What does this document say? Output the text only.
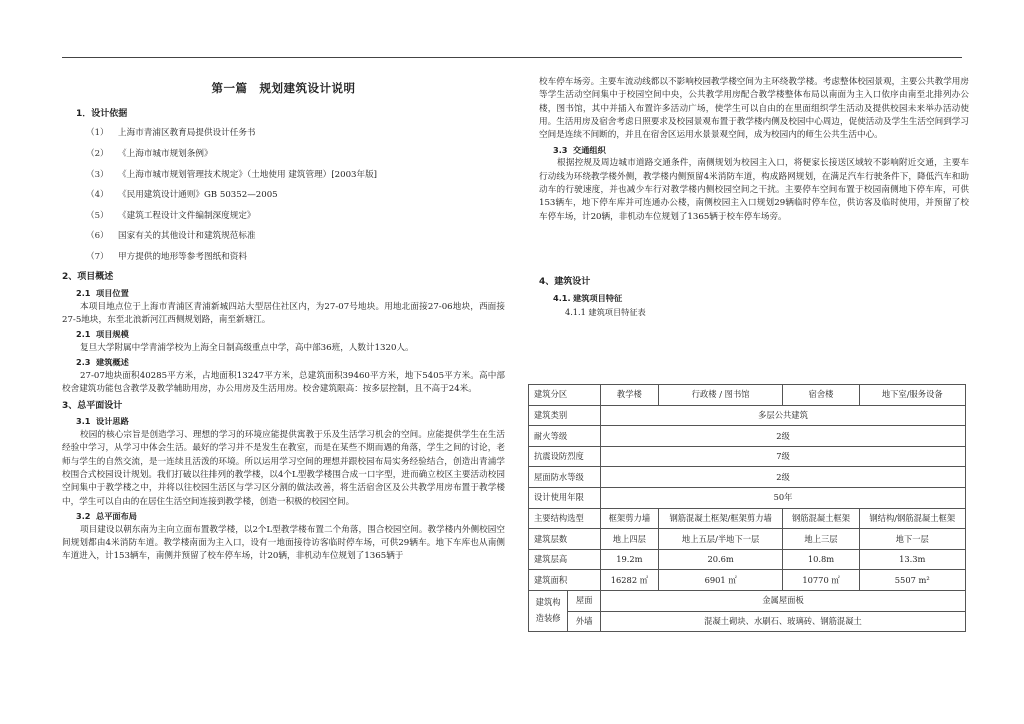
第一篇　规划建筑设计说明
1．设计依据
（1）	上海市青浦区教育局提供设计任务书
（2）	《上海市城市规划条例》
（3）	《上海市城市规划管理技术规定》（土地使用 建筑管理）[2003年版]
（4）	《民用建筑设计通则》GB 50352—2005
（5）	《建筑工程设计文件编制深度规定》
（6）	国家有关的其他设计和建筑规范标准
（7）	甲方提供的地形等参考图纸和资料
2、项目概述
2.1 项目位置
本项目地点位于上海市青浦区青浦新城四站大型居住社区内，为27-07号地块。用地北面接27-06地块，西面接27-5地块，东至北浪新河江西侧规划路，南至新塘江。
2.1 项目规模
复旦大学附属中学青浦学校为上海全日制高级重点中学，高中部36班，人数计1320人。
2.3 建筑概述
27-07地块面积40285平方米，占地面积13247平方米，总建筑面积39460平方米，地下5405平方米。高中部校舍建筑功能包含教学及教学辅助用房，办公用房及生活用房。校舍建筑限高：按多层控制，且不高于24米。
3、总平面设计
3.1 设计思路
校园的核心宗旨是创造学习、理想的学习的环境应能提供寓教于乐及生活学习机会的空间。应能提供学生在生活经验中学习，从学习中体会生活。最好的学习并不是发生在教室，而是在某些不期而遇的角落，学生之间的讨论，老师与学生的自然交流，是一连续且活泼的环境。所以运用学习空间的理想并跟校园布局实务经验结合，创造出青浦学校围合式校园设计规划。我们打破以往排列的教学楼，以4个L型教学楼围合成一口字型，进而确立校区主要活动校园空间集中于教学楼之中，并将以往校园生活区与学习区分割的做法改善，将生活宿舍区及公共教学用房布置于教学楼中，学生可以自由的在居住生活空间连接到教学楼，创造一积极的校园空间。
3.2 总平面布局
项目建设以朝东南为主向立面布置教学楼，以2个L型教学楼布置二个角落，围合校园空间。教学楼内外侧校园空间规划都由4米消防车道。教学楼南面为主入口，设有一地面接待访客临时停车场，可供29辆车。地下车库也从南侧车道进入，计153辆车，南侧并预留了校车停车场，计20辆，非机动车位规划了1365辆于
校车停车场旁。主要车流动线都以不影响校园教学楼空间为主环绕教学楼。考虑整体校园景观，主要公共教学用房等学生活动空间集中于校园空间中央，公共教学用房配合教学楼整体布局以南面为主入口依序由南至北排列办公楼，图书馆，其中并插入布置许多活动广场，使学生可以自由的在里面组织学生活动及提供校园未来举办活动使用。生活用房及宿舍考虑日照要求及校园景观布置于教学楼内侧及校园中心周边，促使活动及学生生活空间到学习空间是连续不间断的，并且在宿舍区运用水景景观空间，成为校园内的师生公共生活中心。
3.3 交通组织
根据控规及周边城市道路交通条件，南侧规划为校园主入口，将便家长接送区域较不影响附近交通，主要车行动线为环绕教学楼外侧，教学楼内侧预留4米消防车道，构成路网规划，在满足汽车行驶条件下，降低汽车和助动车的行驶速度，并也减少车行对教学楼内侧校园空间之干扰。主要停车空间布置于校园南侧地下停车库，可供153辆车，地下停车库并可连通办公楼，南侧校园主入口规划29辆临时停车位，供访客及临时使用，并预留了校车停车场，计20辆，非机动车位规划了1365辆于校车停车场旁。
4、建筑设计
4.1. 建筑项目特征
4.1.1 建筑项目特征表
建筑分区		教学楼	行政楼 / 图书馆	宿舍楼	地下室/服务设备
建筑类别		多层公共建筑			
耐火等级		2级			
抗震设防烈度		7级			
屋面防水等级		2级			
设计使用年限		50年			
主要结构选型		框架剪力墙	钢筋混凝土框架/框架剪力墙	钢筋混凝土框架	钢结构/钢筋混凝土框架
建筑层数		地上四层	地上五层/半地下一层	地上三层	地下一层
建筑层高		19.2m	20.6m	10.8m	13.3m
建筑面积		16282 ㎡	6901 ㎡	10770 ㎡	5507 m²
建筑构造装修	屋面	金属屋面板			
	外墙	混凝土砌块、水刷石、玻璃砖、钢筋混凝土			
